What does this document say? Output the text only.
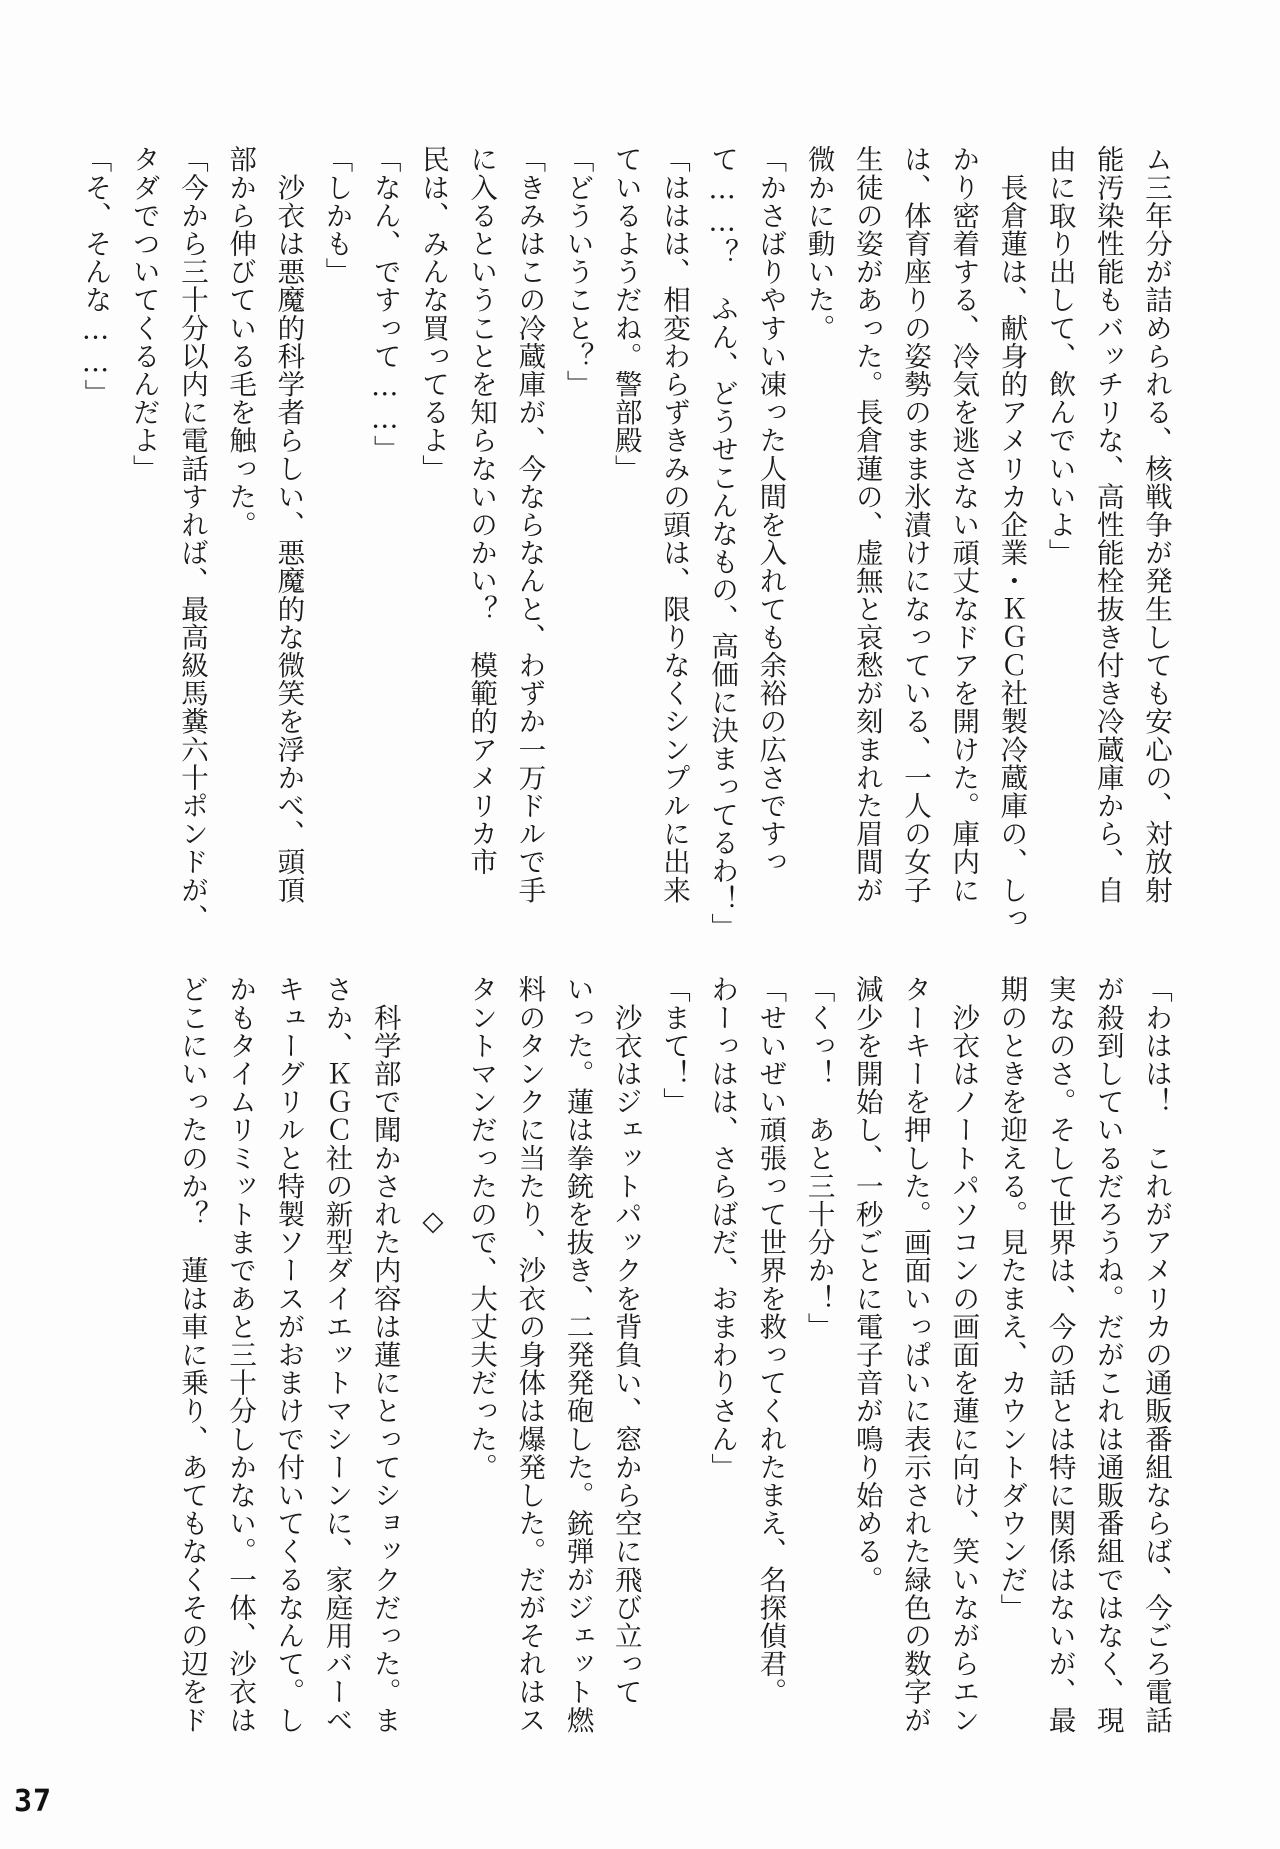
ム三年分が詰められる、核戦争が発生しても安心の、対放射
能汚染性能もバッチリな、高性能栓抜き付き冷蔵庫から、自
由に取り出して、飲んでいいよ」
　長倉蓮は、献身的アメリカ企業・ＫＧＣ社製冷蔵庫の、しっ
かり密着する、冷気を逃さない頑丈なドアを開けた。庫内に
は、体育座りの姿勢のまま氷漬けになっている、一人の女子
生徒の姿があった。長倉蓮の、虚無と哀愁が刻まれた眉間が
微かに動いた。
「かさばりやすい凍った人間を入れても余裕の広さですっ
て……？　ふん、どうせこんなもの、高価に決まってるわ！」
「ははは、相変わらずきみの頭は、限りなくシンプルに出来
ているようだね。警部殿」
「どういうこと？」
「きみはこの冷蔵庫が、今ならなんと、わずか一万ドルで手
に入るということを知らないのかい？　模範的アメリカ市
民は、みんな買ってるよ」
「なん、ですって……」
「しかも」
　沙衣は悪魔的科学者らしい、悪魔的な微笑を浮かべ、頭頂
部から伸びている毛を触った。
「今から三十分以内に電話すれば、最高級馬糞六十ポンドが、
タダでついてくるんだよ」
「そ、そんな……」
「わはは！　これがアメリカの通販番組ならば、今ごろ電話
が殺到しているだろうね。だがこれは通販番組ではなく、現
実なのさ。そして世界は、今の話とは特に関係はないが、最
期のときを迎える。見たまえ、カウントダウンだ」
　沙衣はノートパソコンの画面を蓮に向け、笑いながらエン
ターキーを押した。画面いっぱいに表示された緑色の数字が
減少を開始し、一秒ごとに電子音が鳴り始める。
「くっ！　あと三十分か！」
「せいぜい頑張って世界を救ってくれたまえ、名探偵君。
わーっはは、さらばだ、おまわりさん」
「まて！」
　沙衣はジェットパックを背負い、窓から空に飛び立って
いった。蓮は拳銃を抜き、二発発砲した。銃弾がジェット燃
料のタンクに当たり、沙衣の身体は爆発した。だがそれはス
タントマンだったので、大丈夫だった。
◇
　科学部で聞かされた内容は蓮にとってショックだった。ま
さか、ＫＧＣ社の新型ダイエットマシーンに、家庭用バーベ
キューグリルと特製ソースがおまけで付いてくるなんて。し
かもタイムリミットまであと三十分しかない。一体、沙衣は
どこにいったのか？　蓮は車に乗り、あてもなくその辺をド
37
